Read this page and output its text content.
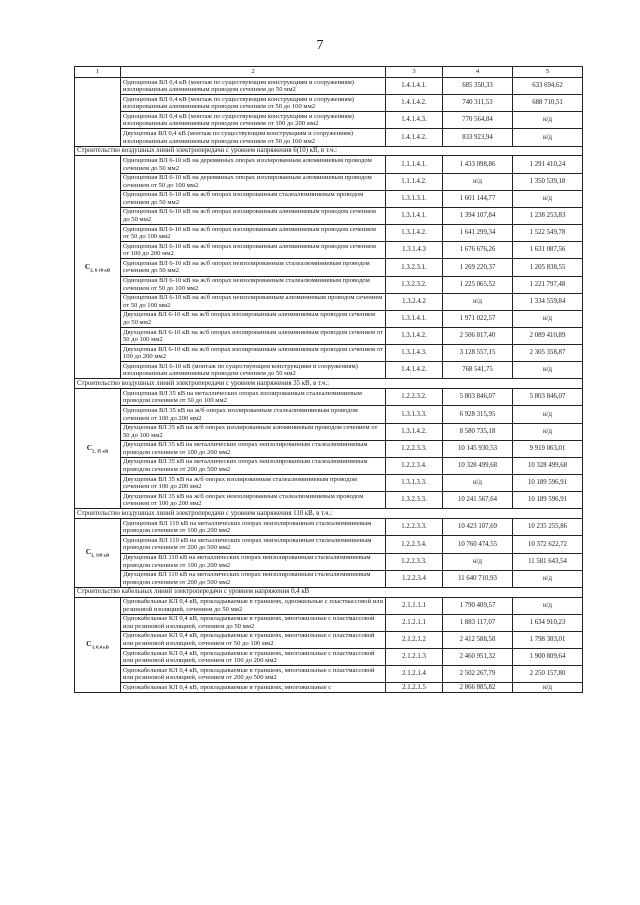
7
1	2	3	4	5
	Одноцепная ВЛ 0,4 кВ (монтаж по существующим конструкциям и сооружениям) изолированным алюминиевым проводом сечением до 50 мм2	1.4.1.4.1.	685 350,33	633 694,62
	Одноцепная ВЛ 0,4 кВ (монтаж по существующим конструкциям и сооружениям) изолированным алюминиевым проводом сечением от 50 до 100 мм2	1.4.1.4.2.	740 311,53	688 710,51
	Одноцепная ВЛ 0,4 кВ (монтаж по существующим конструкциям и сооружениям) изолированным алюминиевым проводом сечением от 100 до 200 мм2	1.4.1.4.3.	770 564,84	н/д
	Двухцепная ВЛ 0,4 кВ (монтаж по существующим конструкциям и сооружениям) изолированным алюминиевым проводом сечением от 50 до 100 мм2	1.4.1.4.2.	833 923,94	н/д
Строительство воздушных линий электропередачи с уровнем напряжения 6(10) кВ, в т.ч.:				
$С_{2, 6-10 кВ}$	Одноцепная ВЛ 6-10 кВ на деревянных опорах изолированным алюминиевым проводом сечением до 50 мм2	1.1.1.4.1.	1 433 098,86	1 291 410,24
	Одноцепная ВЛ 6-10 кВ на деревянных опорах изолированным алюминиевым проводом сечением от 50 до 100 мм2	1.1.1.4.2.	н/д	1 350 539,18
	Одноцепная ВЛ 6-10 кВ на ж/б опорах изолированным сталеалюминиевым проводом сечением до 50 мм2	1.3.1.3.1.	1 601 144,77	н/д
	Одноцепная ВЛ 6-10 кВ на ж/б опорах изолированным алюминиевым проводом сечением до 50 мм2	1.3.1.4.1.	1 394 107,84	1 238 253,83
	Одноцепная ВЛ 6-10 кВ на ж/б опорах изолированным алюминиевым проводом сечением от 50 до 100 мм2	1.3.1.4.2.	1 641 299,34	1 522 549,78
	Одноцепная ВЛ 6-10 кВ на ж/б опорах изолированным алюминиевым проводом сечением от 100 до 200 мм2	1.3.1.4.3	1 676 676,26	1 631 087,56
	Одноцепная ВЛ 6-10 кВ на ж/б опорах неизолированным сталеалюминиевым проводом сечением до 50 мм2	1.3.2.3.1.	1 269 220,37	1 205 838,55
	Одноцепная ВЛ 6-10 кВ на ж/б опорах неизолированным сталеалюминиевым проводом сечением от 50 до 100 мм2	1.3.2.3.2.	1 225 065,52	1 221 797,48
	Одноцепная ВЛ 6-10 кВ на ж/б опорах неизолированным алюминиевым проводом сечением от 50 до 100 мм2	1.3.2.4.2	н/д	1 334 559,84
	Двухцепная ВЛ 6-10 кВ на ж/б опорах изолированным алюминиевым проводом сечением до 50 мм2	1.3.1.4.1.	1 971 022,57	н/д
	Двухцепная ВЛ 6-10 кВ на ж/б опорах изолированным алюминиевым проводом сечением от 50 до 100 мм2	1.3.1.4.2.	2 506 817,40	2 089 410,89
	Двухцепная ВЛ 6-10 кВ на ж/б опорах изолированным алюминиевым проводом сечением от 100 до 200 мм2	1.3.1.4.3.	3 128 557,15	2 305 358,87
	Одноцепная ВЛ 6-10 кВ (монтаж по существующим конструкциям и сооружениям) изолированным алюминиевым проводом сечением до 50 мм2	1.4.1.4.2.	768 541,75	н/д
Строительство воздушных линий электропередачи с уровнем напряжения 35 кВ, в т.ч.:				
$С_{2, 35 кВ}$	Одноцепная ВЛ 35 кВ на металлических опорах изолированным сталеалюминиевым проводом сечением от 50 до 100 мм2	1.2.2.3.2.	5 803 846,07	5 803 846,07
	Одноцепная ВЛ 35 кВ на ж/б опорах изолированным сталеалюминиевым проводом сечением от 100 до 200 мм2	1.3.1.3.3.	6 928 315,95	н/д
	Двухцепная ВЛ 35 кВ на ж/б опорах изолированным алюминиевым проводом сечением от 50 до 100 мм2	1.3.1.4.2.	8 580 735,18	н/д
	Двухцепная ВЛ 35 кВ на металлических опорах неизолированным сталеалюминиевым проводом сечением от 100 до 200 мм2	1.2.2.3.3.	10 145 930,53	9 919 063,01
	Двухцепная ВЛ 35 кВ на металлических опорах неизолированным сталеалюминиевым проводом сечением от 200 до 500 мм2	1.2.2.3.4.	10 328 499,68	10 328 499,68
	Двухцепная ВЛ 35 кВ на ж/б опорах изолированным сталеалюминиевым проводом сечением от 100 до 200 мм2	1.3.1.3.3.	н/д	10 189 596,91
	Двухцепная ВЛ 35 кВ на ж/б опорах неизолированным сталеалюминиевым проводом сечением от 100 до 200 мм2	1.3.2.3.3.	10 241 567,64	10 189 596,91
Строительство воздушных линий электропередачи с уровнем напряжения 110 кВ, в т.ч.:				
$С_{2, 110 кВ}$	Одноцепная ВЛ 110 кВ на металлических опорах неизолированным сталеалюминиевым проводом сечением от 100 до 200 мм2	1.2.2.3.3.	10 423 107,69	10 235 255,86
	Одноцепная ВЛ 110 кВ на металлических опорах неизолированным сталеалюминиевым проводом сечением от 200 до 500 мм2	1.2.2.3.4.	10 760 474,55	10 372 622,72
	Двухцепная ВЛ 110 кВ на металлических опорах неизолированным сталеалюминиевым проводом сечением от 100 до 200 мм2	1.2.2.3.3.	н/д	11 581 643,54
	Двухцепная ВЛ 110 кВ на металлических опорах неизолированным сталеалюминиевым проводом сечением от 200 до 500 мм2	1.2.2.3.4	11 640 710,93	н/д
Строительство кабельных линий электропередачи с уровнем напряжения 0,4 кВ				
$С_{3, 0,4 кВ}$	Однокабельные КЛ 0,4 кВ, прокладываемые в траншеях, одножильные с пластмассовой или резиновой изоляцией, сечением до 50 мм2	2.1.1.1.1	1 790 409,57	н/д
	Однокабельные КЛ 0,4 кВ, прокладываемые в траншеях, многожильные с пластмассовой или резиновой изоляцией, сечением до 50 мм2	2.1.2.1.1	1 883 117,07	1 634 910,23
	Однокабельные КЛ 0,4 кВ, прокладываемые в траншеях, многожильные с пластмассовой или резиновой изоляцией, сечением от 50 до 100 мм2	2.1.2.1.2	2 412 588,58	1 798 383,01
	Однокабельные КЛ 0,4 кВ, прокладываемые в траншеях, многожильные с пластмассовой или резиновой изоляцией, сечением от 100 до 200 мм2	2.1.2.1.3	2 460 951,32	1 900 809,64
	Однокабельные КЛ 0,4 кВ, прокладываемые в траншеях, многожильные с пластмассовой или резиновой изоляцией, сечением от 200 до 500 мм2	2.1.2.1.4	2 502 267,79	2 250 157,80
	Однокабельные КЛ 0,4 кВ, прокладываемые в траншеях, многожильные с	2.1.2.1.5	2 866 885,82	н/д
